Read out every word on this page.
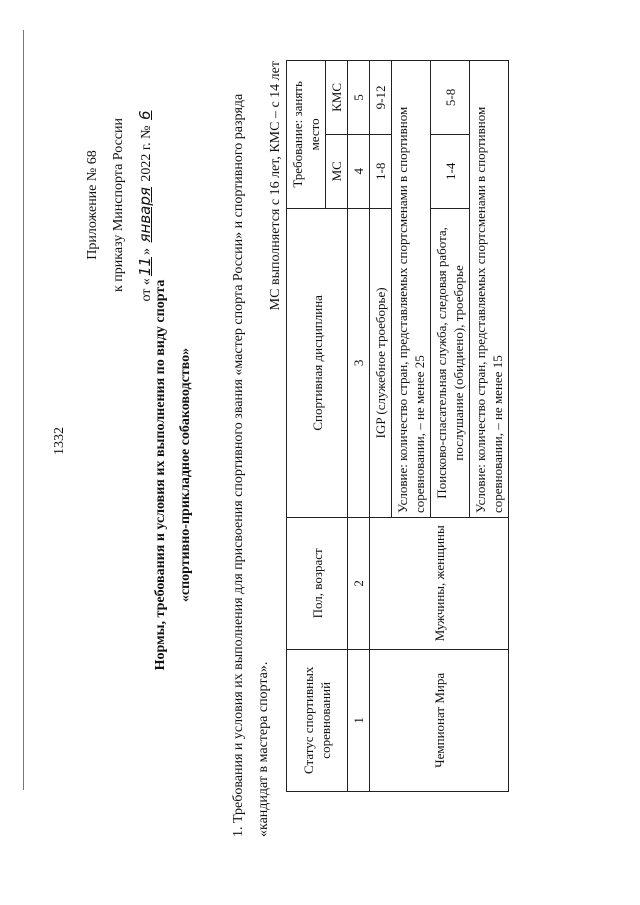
1332
Приложение № 68 к приказу Минспорта России от «11» января 2022 г. № 6
Нормы, требования и условия их выполнения по виду спорта «спортивно-прикладное собаководство»	1. Требования и условия их выполнения для присвоения спортивного звания «мастер спорта России» и спортивного разряда «кандидат в мастера спорта».
МС выполняется с 16 лет, КМС – с 14 лет
Статус спортивных соревнований	Пол, возраст	Спортивная дисциплина	Требование: занять место	
			МС	КМС
1	2	3	4	5
Чемпионат Мира	Мужчины, женщины	IGP (служебное троеборье)	1-8	9-12
		Условие: количество стран, представляемых спортсменами в спортивном соревновании, – не менее 25		
		Поисково-спасательная служба, следовая работа, послушание (обидиено), троеборье	1-4	5-8
		Условие: количество стран, представляемых спортсменами в спортивном соревновании, – не менее 15		
